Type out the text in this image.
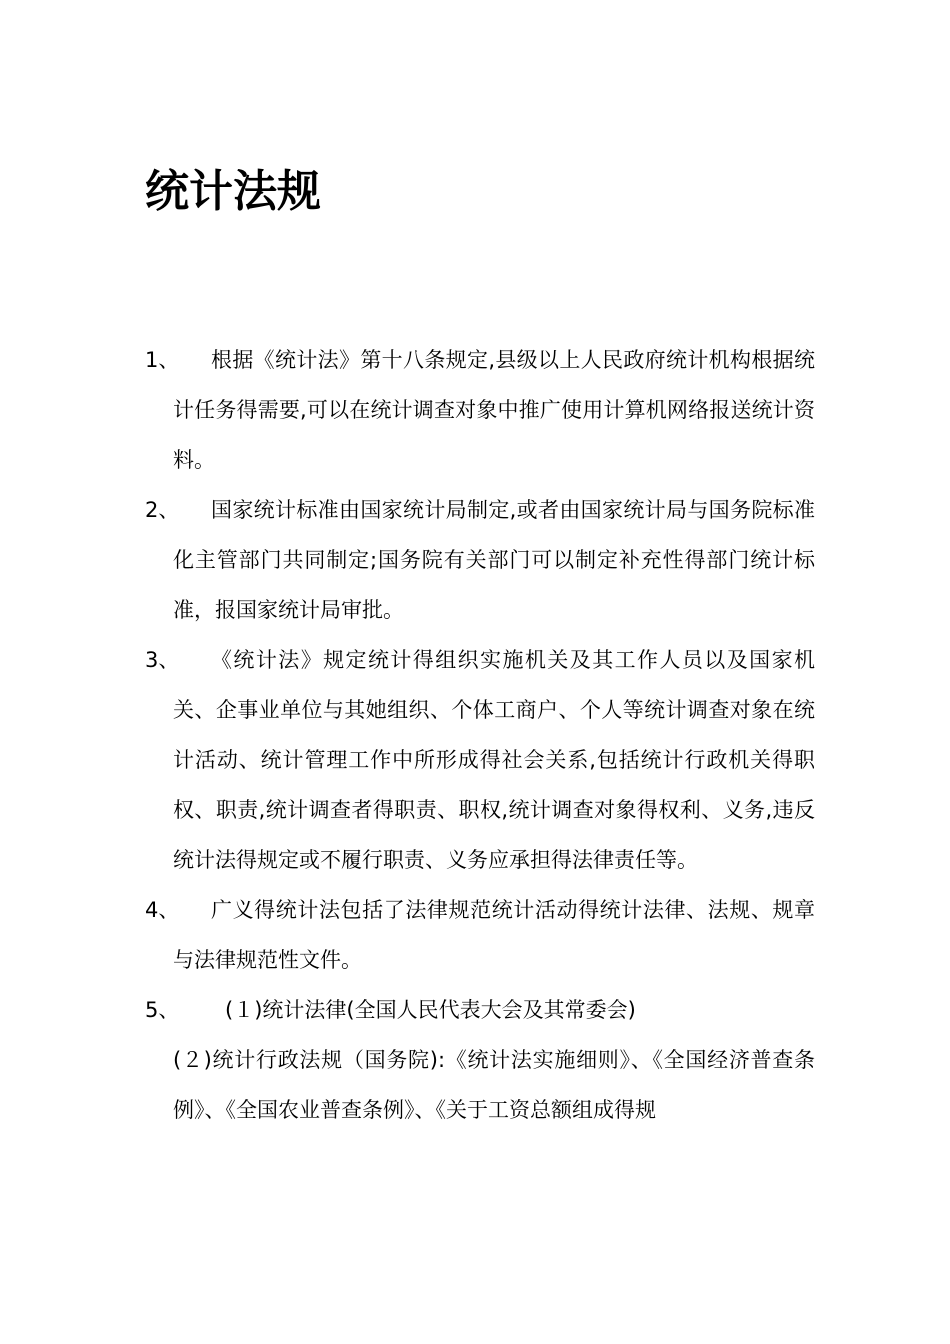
统计法规
1、	根据《统计法》第十八条规定,县级以上人民政府统计机构根据统计任务得需要,可以在统计调查对象中推广使用计算机网络报送统计资料。

2、	国家统计标准由国家统计局制定,或者由国家统计局与国务院标准化主管部门共同制定;国务院有关部门可以制定补充性得部门统计标准，报国家统计局审批。

3、	《统计法》规定统计得组织实施机关及其工作人员以及国家机关、企事业单位与其她组织、个体工商户、个人等统计调查对象在统计活动、统计管理工作中所形成得社会关系,包括统计行政机关得职权、职责,统计调查者得职责、职权,统计调查对象得权利、义务,违反统计法得规定或不履行职责、义务应承担得法律责任等。

4、	广义得统计法包括了法律规范统计活动得统计法律、法规、规章与法律规范性文件。

5、	(１)统计法律(全国人民代表大会及其常委会)

(２)统计行政法规（国务院):《统计法实施细则》、《全国经济普查条例》、《全国农业普查条例》、《关于工资总额组成得规
